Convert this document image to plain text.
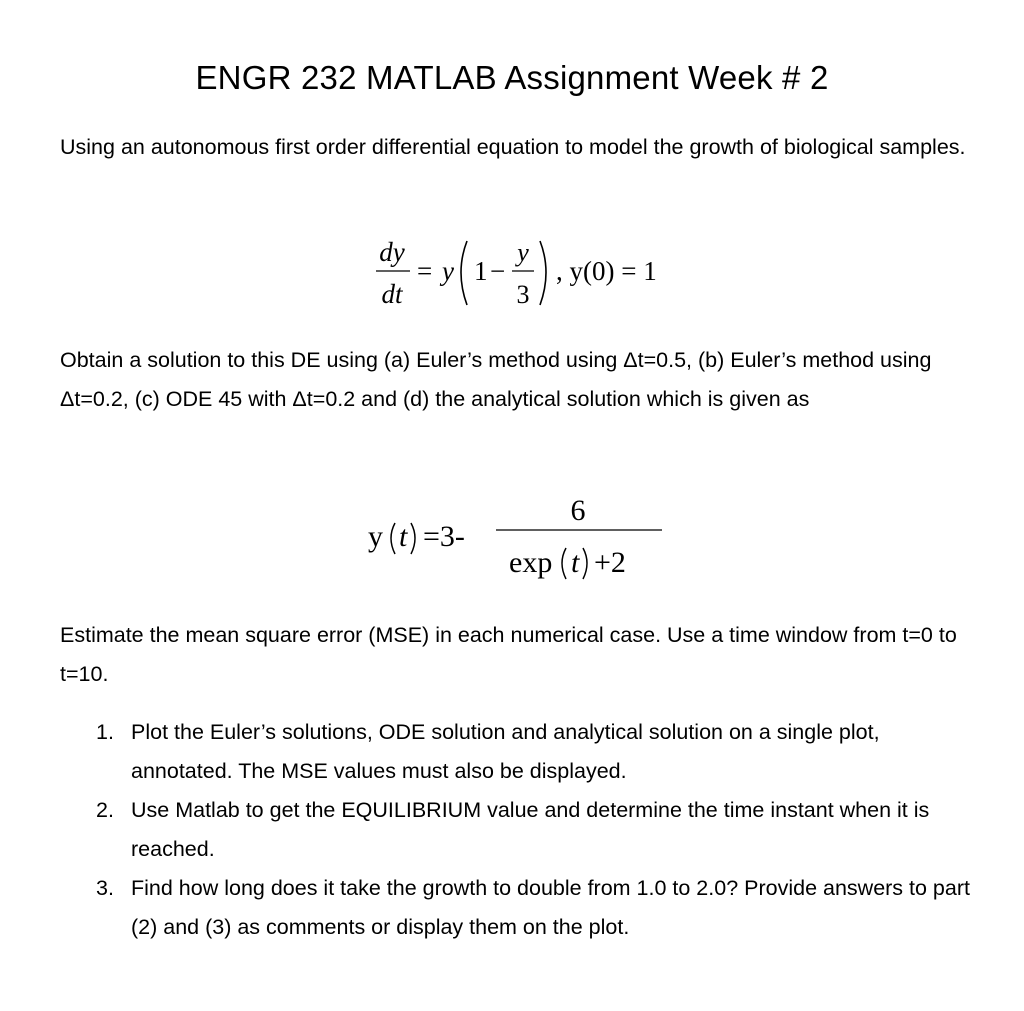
ENGR 232 MATLAB Assignment Week # 2

Using an autonomous first order differential equation to model the growth of biological samples.

dy
dt
= y 1 −
y
3
, y(0) = 1

Obtain a solution to this DE using (a) Euler’s method using Δt=0.5, (b) Euler’s method using Δt=0.2, (c) ODE 45 with Δt=0.2 and (d) the analytical solution which is given as

y t =3-
6
exp t +2

Estimate the mean square error (MSE) in each numerical case. Use a time window from t=0 to t=10.

1. Plot the Euler’s solutions, ODE solution and analytical solution on a single plot, annotated. The MSE values must also be displayed.
2. Use Matlab to get the EQUILIBRIUM value and determine the time instant when it is reached.
3. Find how long does it take the growth to double from 1.0 to 2.0? Provide answers to part (2) and (3) as comments or display them on the plot.
